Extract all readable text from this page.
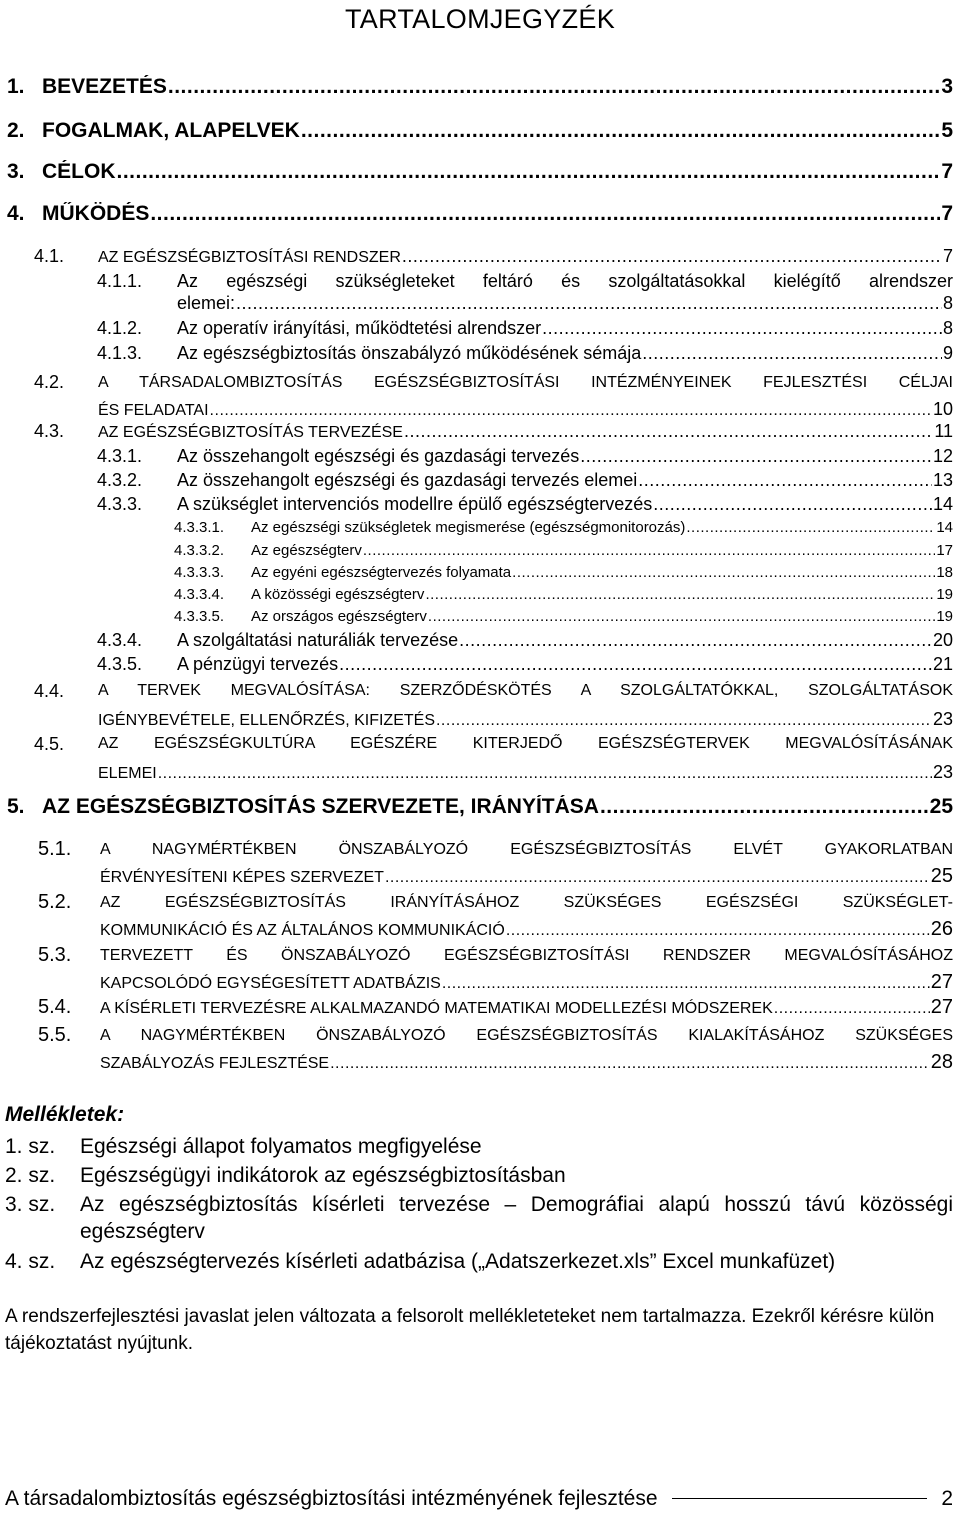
TARTALOMJEGYZÉK
1. BEVEZETÉS .....	3
2. FOGALMAK, ALAPELVEK .....	5
3. CÉLOK .....	7
4. MŰKÖDÉS .....	7
4.1.	AZ EGÉSZSÉGBIZTOSÍTÁSI RENDSZER .....	7
4.1.1.	Az egészségi szükségleteket feltáró és szolgáltatásokkal kielégítő alrendszer
elemei: .....	8
4.1.2.	Az operatív irányítási, működtetési alrendszer .....	8
4.1.3.	Az egészségbiztosítás önszabályzó működésének sémája .....	9
4.2.	A TÁRSADALOMBIZTOSÍTÁS EGÉSZSÉGBIZTOSÍTÁSI INTÉZMÉNYEINEK FEJLESZTÉSI CÉLJAI
ÉS FELADATAI .....	10
4.3.	AZ EGÉSZSÉGBIZTOSÍTÁS TERVEZÉSE .....	11
4.3.1.	Az összehangolt egészségi és gazdasági tervezés .....	12
4.3.2.	Az összehangolt egészségi és gazdasági tervezés elemei .....	13
4.3.3.	A szükséglet intervenciós modellre épülő egészségtervezés .....	14
4.3.3.1.	Az egészségi szükségletek megismerése (egészségmonitorozás) .....	14
4.3.3.2.	Az egészségterv .....	17
4.3.3.3.	Az egyéni egészségtervezés folyamata .....	18
4.3.3.4.	A közösségi egészségterv .....	19
4.3.3.5.	Az országos egészségterv .....	19
4.3.4.	A szolgáltatási naturáliák tervezése .....	20
4.3.5.	A pénzügyi tervezés .....	21
4.4.	A TERVEK MEGVALÓSÍTÁSA: SZERZŐDÉSKÖTÉS A SZOLGÁLTATÓKKAL, SZOLGÁLTATÁSOK
IGÉNYBEVÉTELE, ELLENŐRZÉS, KIFIZETÉS .....	23
4.5.	AZ EGÉSZSÉGKULTÚRA EGÉSZÉRE KITERJEDŐ EGÉSZSÉGTERVEK MEGVALÓSÍTÁSÁNAK
ELEMEI .....	23
5. AZ EGÉSZSÉGBIZTOSÍTÁS SZERVEZETE, IRÁNYÍTÁSA .....	25
5.1.	A NAGYMÉRTÉKBEN ÖNSZABÁLYOZÓ EGÉSZSÉGBIZTOSÍTÁS ELVÉT GYAKORLATBAN
ÉRVÉNYESÍTENI KÉPES SZERVEZET .....	25
5.2.	AZ EGÉSZSÉGBIZTOSÍTÁS IRÁNYÍTÁSÁHOZ SZÜKSÉGES EGÉSZSÉGI SZÜKSÉGLET-
KOMMUNIKÁCIÓ ÉS AZ ÁLTALÁNOS KOMMUNIKÁCIÓ .....	26
5.3.	TERVEZETT ÉS ÖNSZABÁLYOZÓ EGÉSZSÉGBIZTOSÍTÁSI RENDSZER MEGVALÓSÍTÁSÁHOZ
KAPCSOLÓDÓ EGYSÉGESÍTETT ADATBÁZIS .....	27
5.4.	A KÍSÉRLETI TERVEZÉSRE ALKALMAZANDÓ MATEMATIKAI MODELLEZÉSI MÓDSZEREK .....	27
5.5.	A NAGYMÉRTÉKBEN ÖNSZABÁLYOZÓ EGÉSZSÉGBIZTOSÍTÁS KIALAKÍTÁSÁHOZ SZÜKSÉGES
SZABÁLYOZÁS FEJLESZTÉSE .....	28
Mellékletek:
1. sz.	Egészségi állapot folyamatos megfigyelése
2. sz.	Egészségügyi indikátorok az egészségbiztosításban
3. sz.	Az egészségbiztosítás kísérleti tervezése – Demográfiai alapú hosszú távú közösségi egészségterv
4. sz.	Az egészségtervezés kísérleti adatbázisa („Adatszerkezet.xls” Excel munkafüzet)
A rendszerfejlesztési javaslat jelen változata a felsorolt mellékleteteket nem tartalmazza. Ezekről kérésre külön tájékoztatást nyújtunk.
A társadalombiztosítás egészségbiztosítási intézményének fejlesztése	2
